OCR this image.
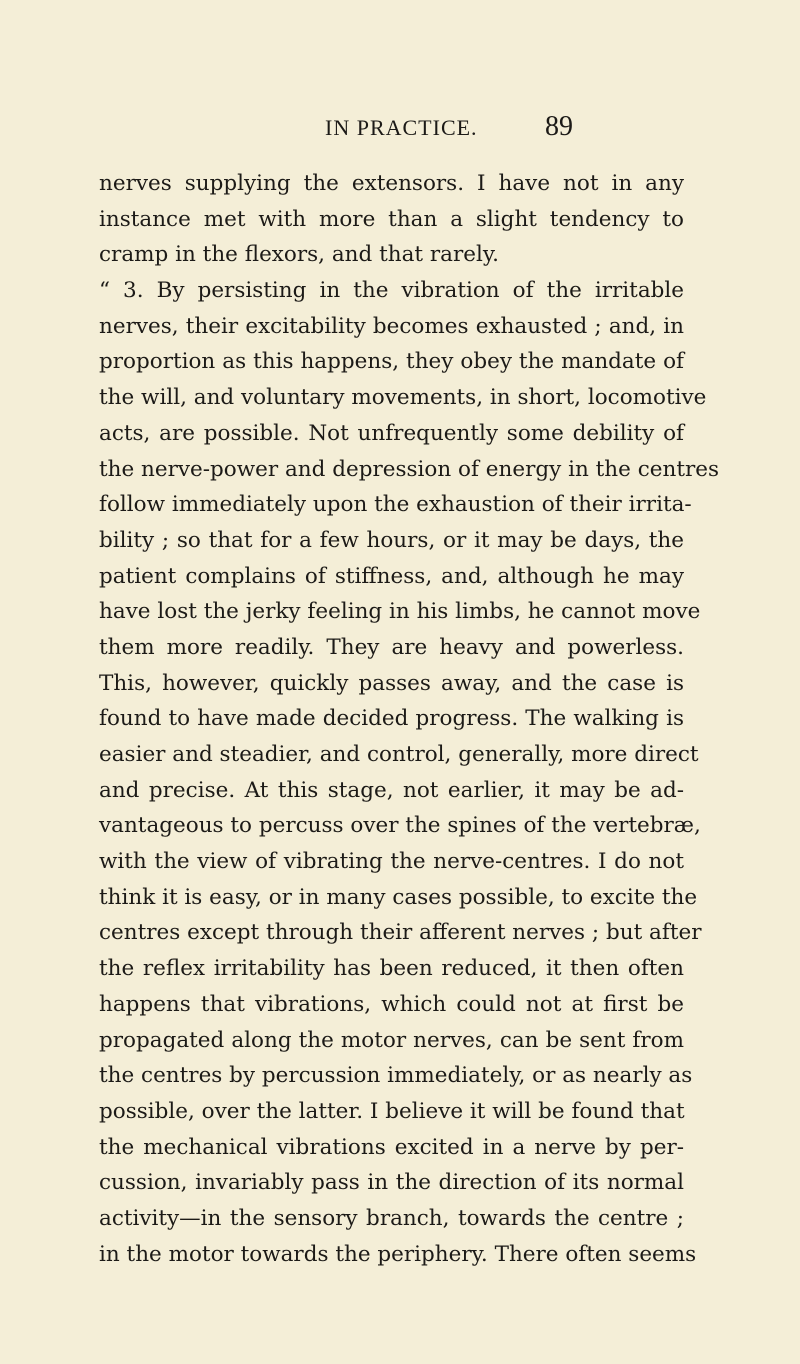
IN PRACTICE. 89
nerves supplying the extensors. I have not in any
instance met with more than a slight tendency to
cramp in the flexors, and that rarely.
“ 3. By persisting in the vibration of the irritable
nerves, their excitability becomes exhausted ; and, in
proportion as this happens, they obey the mandate of
the will, and voluntary movements, in short, locomotive
acts, are possible. Not unfrequently some debility of
the nerve-power and depression of energy in the centres
follow immediately upon the exhaustion of their irrita-
bility ; so that for a few hours, or it may be days, the
patient complains of stiffness, and, although he may
have lost the jerky feeling in his limbs, he cannot move
them more readily. They are heavy and powerless.
This, however, quickly passes away, and the case is
found to have made decided progress. The walking is
easier and steadier, and control, generally, more direct
and precise. At this stage, not earlier, it may be ad-
vantageous to percuss over the spines of the vertebræ,
with the view of vibrating the nerve-centres. I do not
think it is easy, or in many cases possible, to excite the
centres except through their afferent nerves ; but after
the reflex irritability has been reduced, it then often
happens that vibrations, which could not at first be
propagated along the motor nerves, can be sent from
the centres by percussion immediately, or as nearly as
possible, over the latter. I believe it will be found that
the mechanical vibrations excited in a nerve by per-
cussion, invariably pass in the direction of its normal
activity—in the sensory branch, towards the centre ;
in the motor towards the periphery. There often seems
